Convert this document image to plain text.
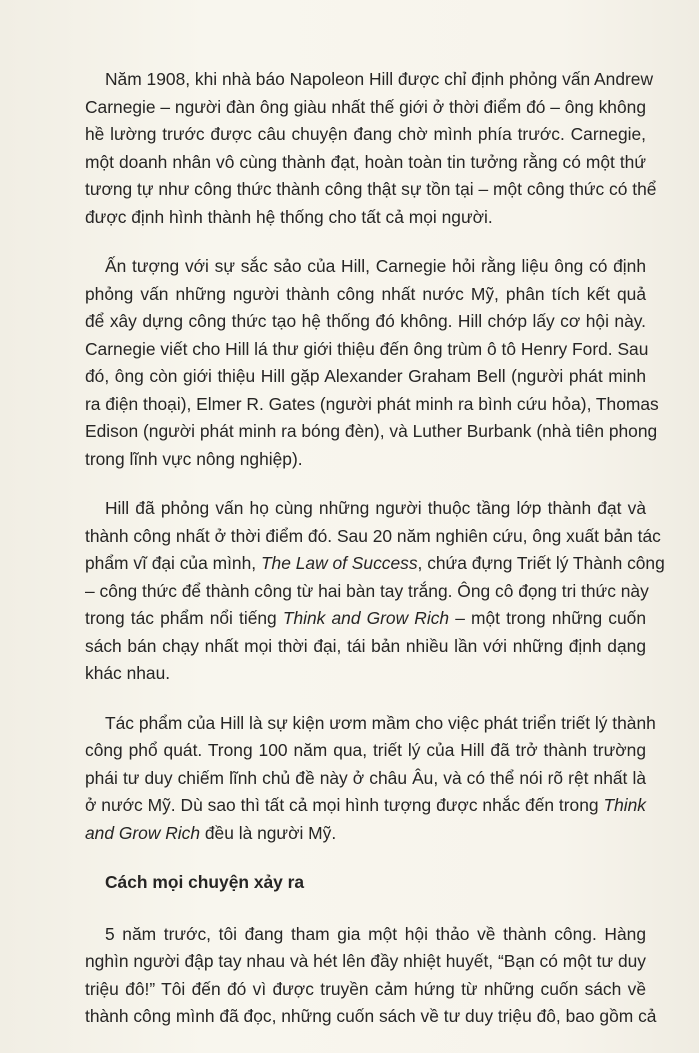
Năm 1908, khi nhà báo Napoleon Hill được chỉ định phỏng vấn Andrew
Carnegie – người đàn ông giàu nhất thế giới ở thời điểm đó – ông không
hề lường trước được câu chuyện đang chờ mình phía trước. Carnegie,
một doanh nhân vô cùng thành đạt, hoàn toàn tin tưởng rằng có một thứ
tương tự như công thức thành công thật sự tồn tại – một công thức có thể
được định hình thành hệ thống cho tất cả mọi người.
Ấn tượng với sự sắc sảo của Hill, Carnegie hỏi rằng liệu ông có định
phỏng vấn những người thành công nhất nước Mỹ, phân tích kết quả
để xây dựng công thức tạo hệ thống đó không. Hill chớp lấy cơ hội này.
Carnegie viết cho Hill lá thư giới thiệu đến ông trùm ô tô Henry Ford. Sau
đó, ông còn giới thiệu Hill gặp Alexander Graham Bell (người phát minh
ra điện thoại), Elmer R. Gates (người phát minh ra bình cứu hỏa), Thomas
Edison (người phát minh ra bóng đèn), và Luther Burbank (nhà tiên phong
trong lĩnh vực nông nghiệp).
Hill đã phỏng vấn họ cùng những người thuộc tầng lớp thành đạt và
thành công nhất ở thời điểm đó. Sau 20 năm nghiên cứu, ông xuất bản tác
phẩm vĩ đại của mình, The Law of Success, chứa đựng Triết lý Thành công
– công thức để thành công từ hai bàn tay trắng. Ông cô đọng tri thức này
trong tác phẩm nổi tiếng Think and Grow Rich – một trong những cuốn
sách bán chạy nhất mọi thời đại, tái bản nhiều lần với những định dạng
khác nhau.
Tác phẩm của Hill là sự kiện ươm mầm cho việc phát triển triết lý thành
công phổ quát. Trong 100 năm qua, triết lý của Hill đã trở thành trường
phái tư duy chiếm lĩnh chủ đề này ở châu Âu, và có thể nói rõ rệt nhất là
ở nước Mỹ. Dù sao thì tất cả mọi hình tượng được nhắc đến trong Think
and Grow Rich đều là người Mỹ.
Cách mọi chuyện xảy ra
5 năm trước, tôi đang tham gia một hội thảo về thành công. Hàng
nghìn người đập tay nhau và hét lên đầy nhiệt huyết, “Bạn có một tư duy
triệu đô!” Tôi đến đó vì được truyền cảm hứng từ những cuốn sách về
thành công mình đã đọc, những cuốn sách về tư duy triệu đô, bao gồm cả
